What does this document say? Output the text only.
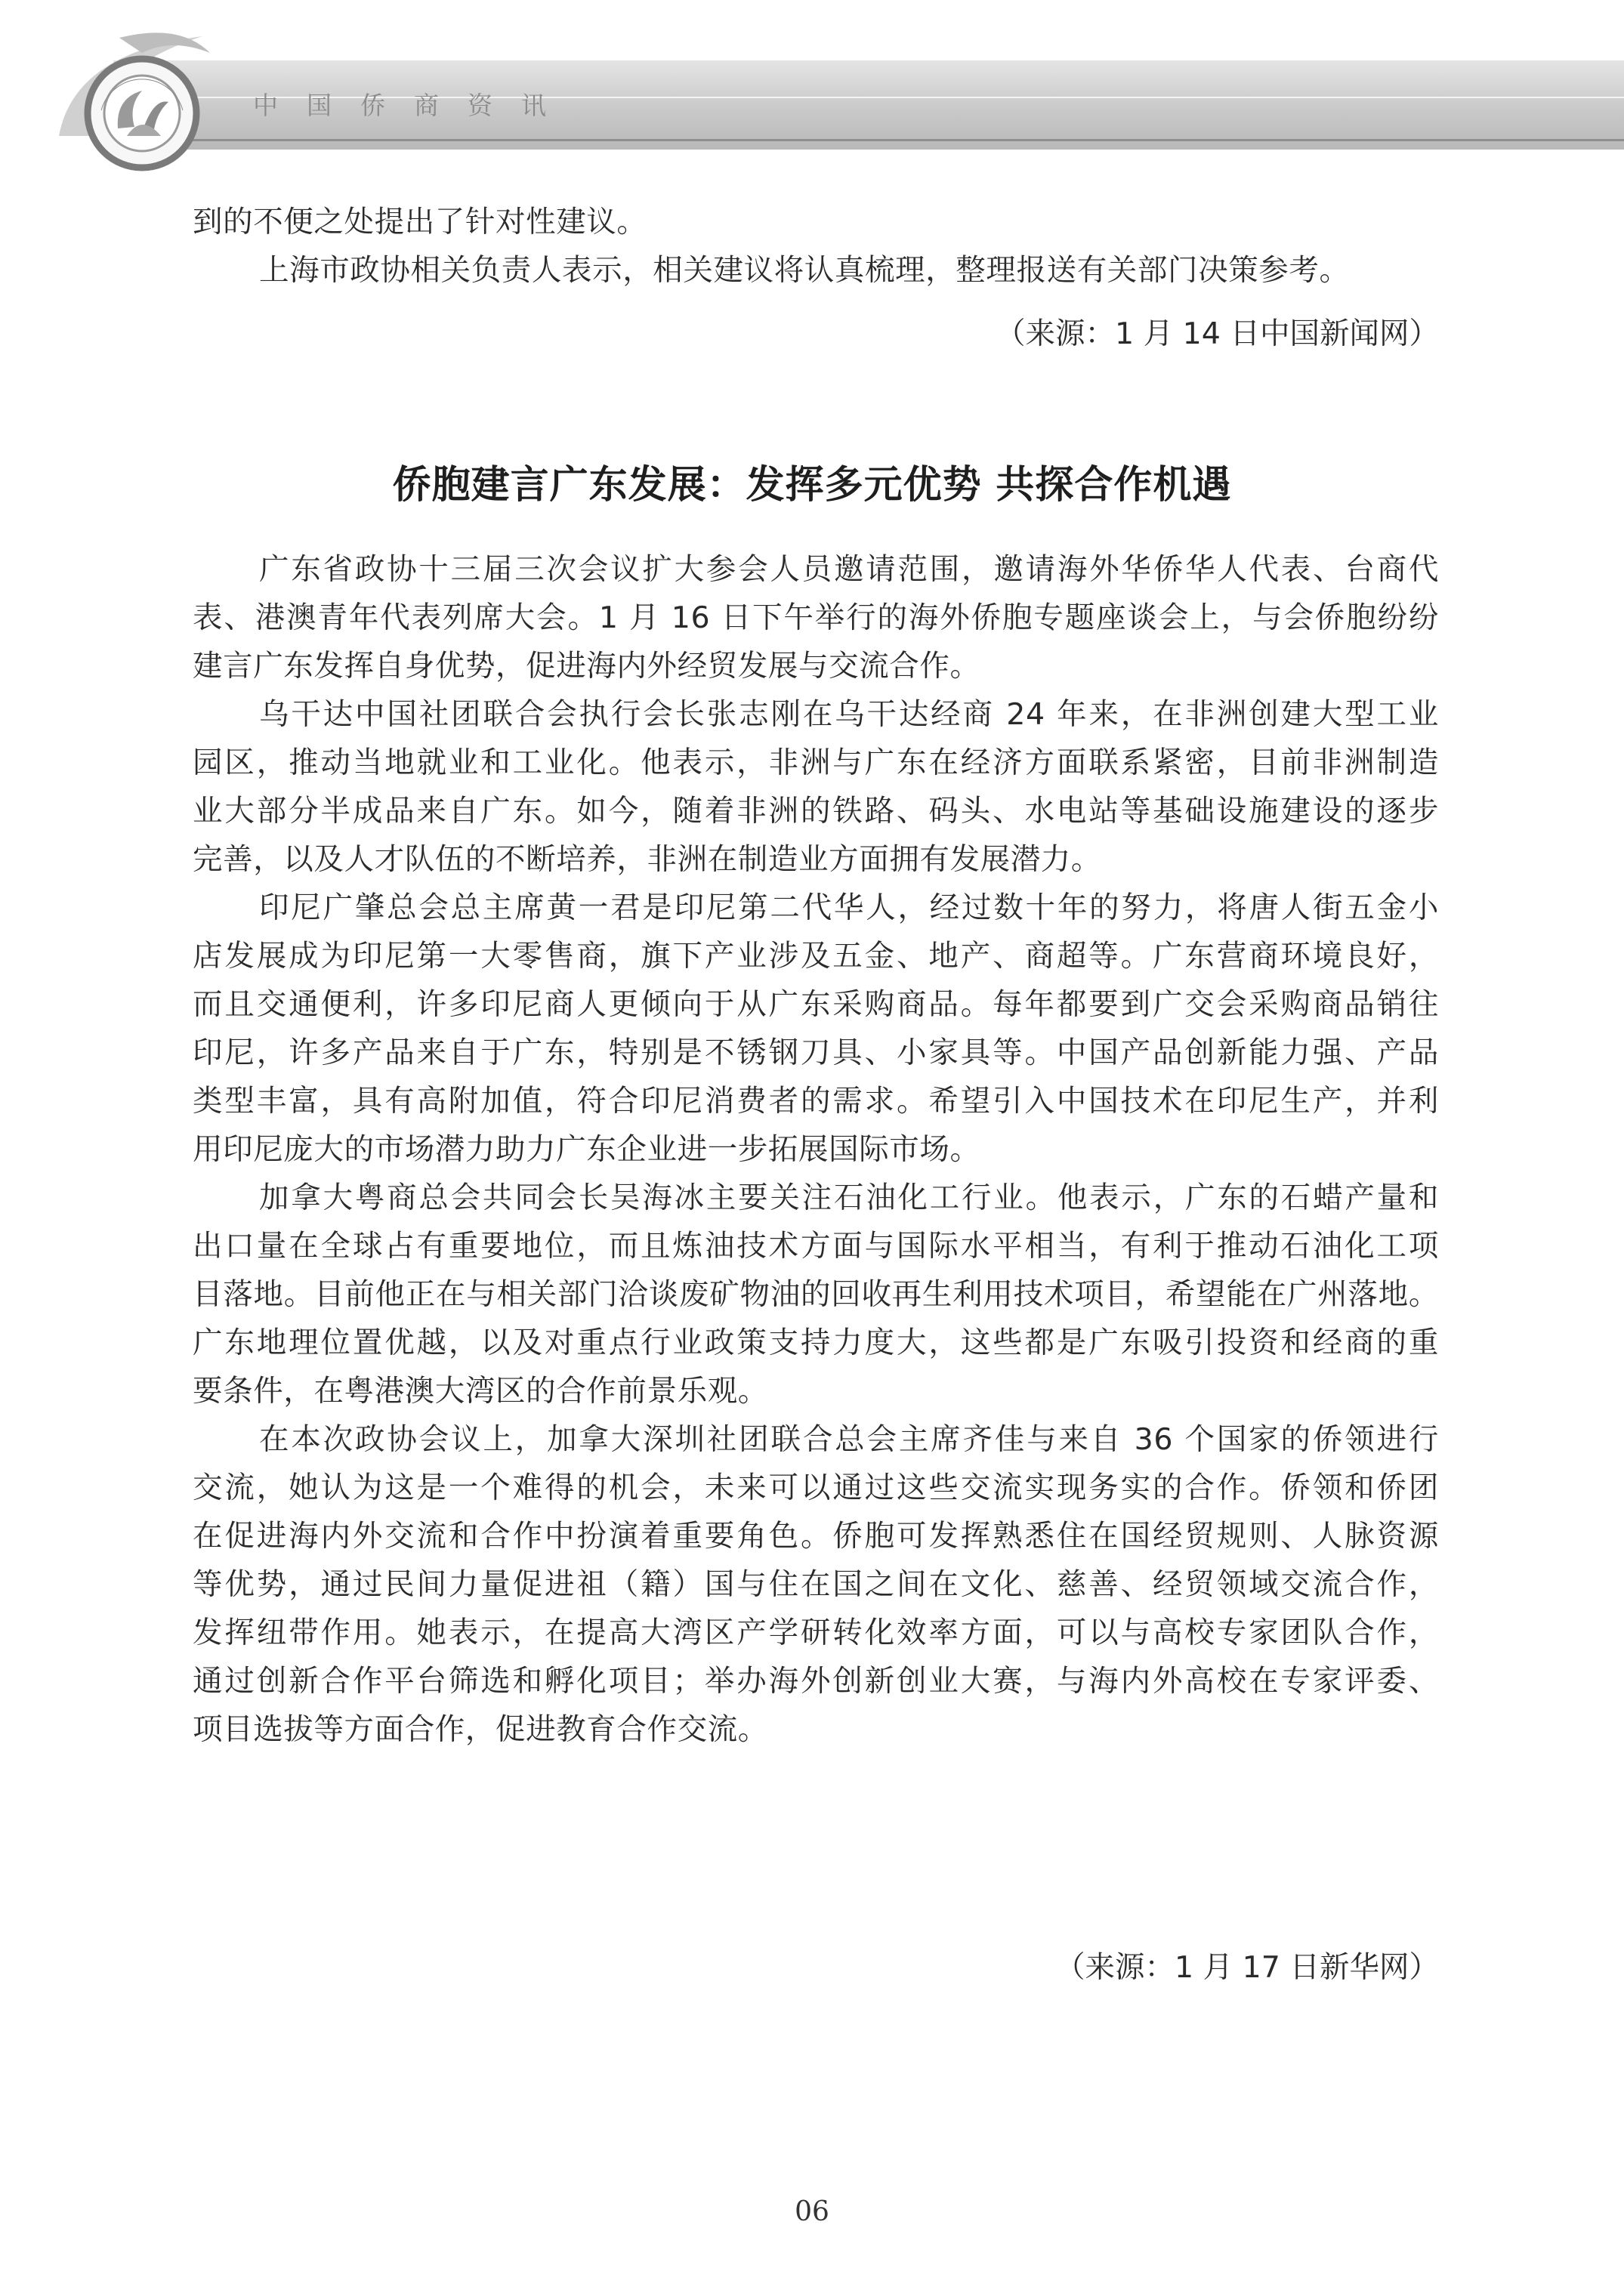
中国侨商资讯
到的不便之处提出了针对性建议。
上海市政协相关负责人表示，相关建议将认真梳理，整理报送有关部门决策参考。
（来源：1 月 14 日中国新闻网）
侨胞建言广东发展：发挥多元优势 共探合作机遇
广东省政协十三届三次会议扩大参会人员邀请范围，邀请海外华侨华人代表、台商代
表、港澳青年代表列席大会。1 月 16 日下午举行的海外侨胞专题座谈会上，与会侨胞纷纷
建言广东发挥自身优势，促进海内外经贸发展与交流合作。
乌干达中国社团联合会执行会长张志刚在乌干达经商 24 年来，在非洲创建大型工业
园区，推动当地就业和工业化。他表示，非洲与广东在经济方面联系紧密，目前非洲制造
业大部分半成品来自广东。如今，随着非洲的铁路、码头、水电站等基础设施建设的逐步
完善，以及人才队伍的不断培养，非洲在制造业方面拥有发展潜力。
印尼广肇总会总主席黄一君是印尼第二代华人，经过数十年的努力，将唐人街五金小
店发展成为印尼第一大零售商，旗下产业涉及五金、地产、商超等。广东营商环境良好，
而且交通便利，许多印尼商人更倾向于从广东采购商品。每年都要到广交会采购商品销往
印尼，许多产品来自于广东，特别是不锈钢刀具、小家具等。中国产品创新能力强、产品
类型丰富，具有高附加值，符合印尼消费者的需求。希望引入中国技术在印尼生产，并利
用印尼庞大的市场潜力助力广东企业进一步拓展国际市场。
加拿大粤商总会共同会长吴海冰主要关注石油化工行业。他表示，广东的石蜡产量和
出口量在全球占有重要地位，而且炼油技术方面与国际水平相当，有利于推动石油化工项
目落地。目前他正在与相关部门洽谈废矿物油的回收再生利用技术项目，希望能在广州落地。
广东地理位置优越，以及对重点行业政策支持力度大，这些都是广东吸引投资和经商的重
要条件，在粤港澳大湾区的合作前景乐观。
在本次政协会议上，加拿大深圳社团联合总会主席齐佳与来自 36 个国家的侨领进行
交流，她认为这是一个难得的机会，未来可以通过这些交流实现务实的合作。侨领和侨团
在促进海内外交流和合作中扮演着重要角色。侨胞可发挥熟悉住在国经贸规则、人脉资源
等优势，通过民间力量促进祖（籍）国与住在国之间在文化、慈善、经贸领域交流合作，
发挥纽带作用。她表示，在提高大湾区产学研转化效率方面，可以与高校专家团队合作，
通过创新合作平台筛选和孵化项目；举办海外创新创业大赛，与海内外高校在专家评委、
项目选拔等方面合作，促进教育合作交流。
（来源：1 月 17 日新华网）
06
